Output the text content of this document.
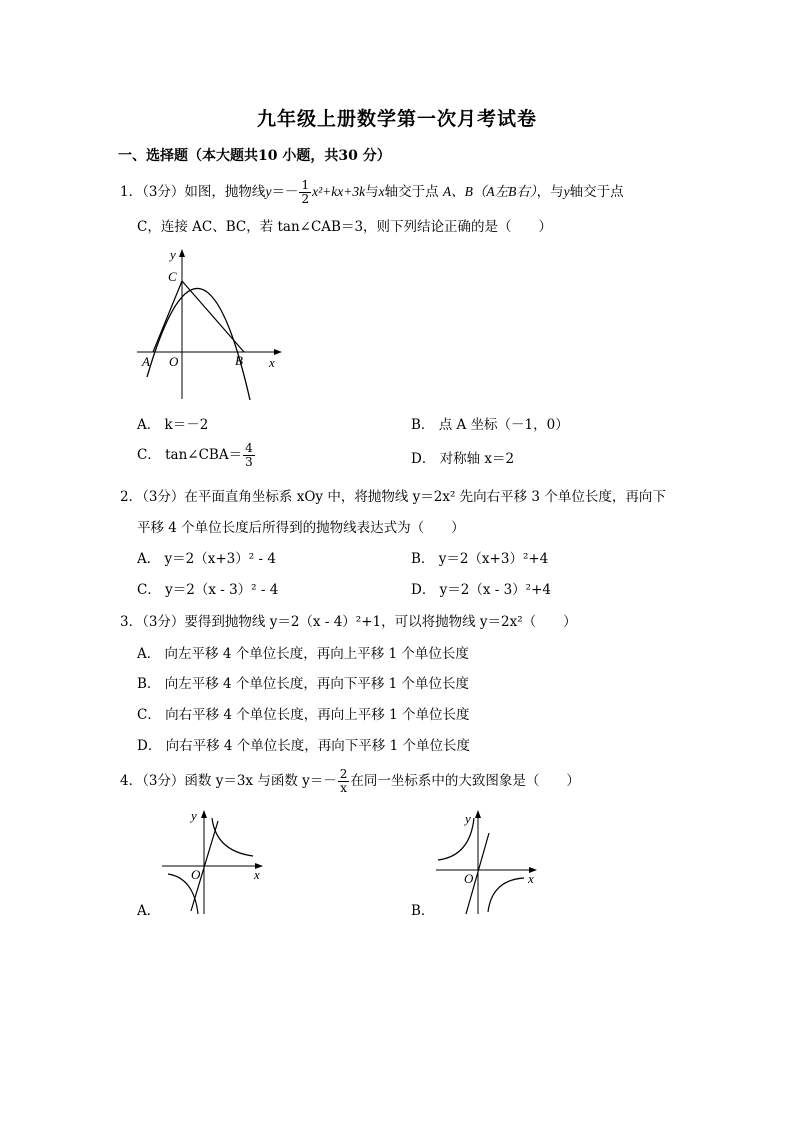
九年级上册数学第一次月考试卷
一、选择题（本大题共10 小题，共30 分）
1．（3分）如图，抛物线$y=- \frac{1}{2} x^2+kx+3k$与x轴交于点 A、B（A左B右），与y轴交于点
C，连接 AC、BC，若 tan∠CAB＝3，则下列结论正确的是（　　）
y
C
A O	B x
A． k＝－2	B． 点 A 坐标（－1，0）
C． tan∠CBA＝ $\frac{4}{3}$	D． 对称轴 x＝2
2．（3分）在平面直角坐标系 xOy 中，将抛物线 y＝2x² 先向右平移 3 个单位长度，再向下
平移 4 个单位长度后所得到的抛物线表达式为（　　）
A． y＝2（x+3）² - 4	B． y＝2（x+3）²+4
C． y＝2（x - 3）² - 4	D． y＝2（x - 3）²+4
3．（3分）要得到抛物线 y＝2（x - 4）²+1，可以将抛物线 y＝2x²（　　）
A． 向左平移 4 个单位长度，再向上平移 1 个单位长度
B． 向左平移 4 个单位长度，再向下平移 1 个单位长度
C． 向右平移 4 个单位长度，再向上平移 1 个单位长度
D． 向右平移 4 个单位长度，再向下平移 1 个单位长度
4．（3分）函数 y＝3x 与函数 $y=- \frac{2}{x}$ 在同一坐标系中的大致图象是（　　）
y
O	x
A．
y
O	x
B．
